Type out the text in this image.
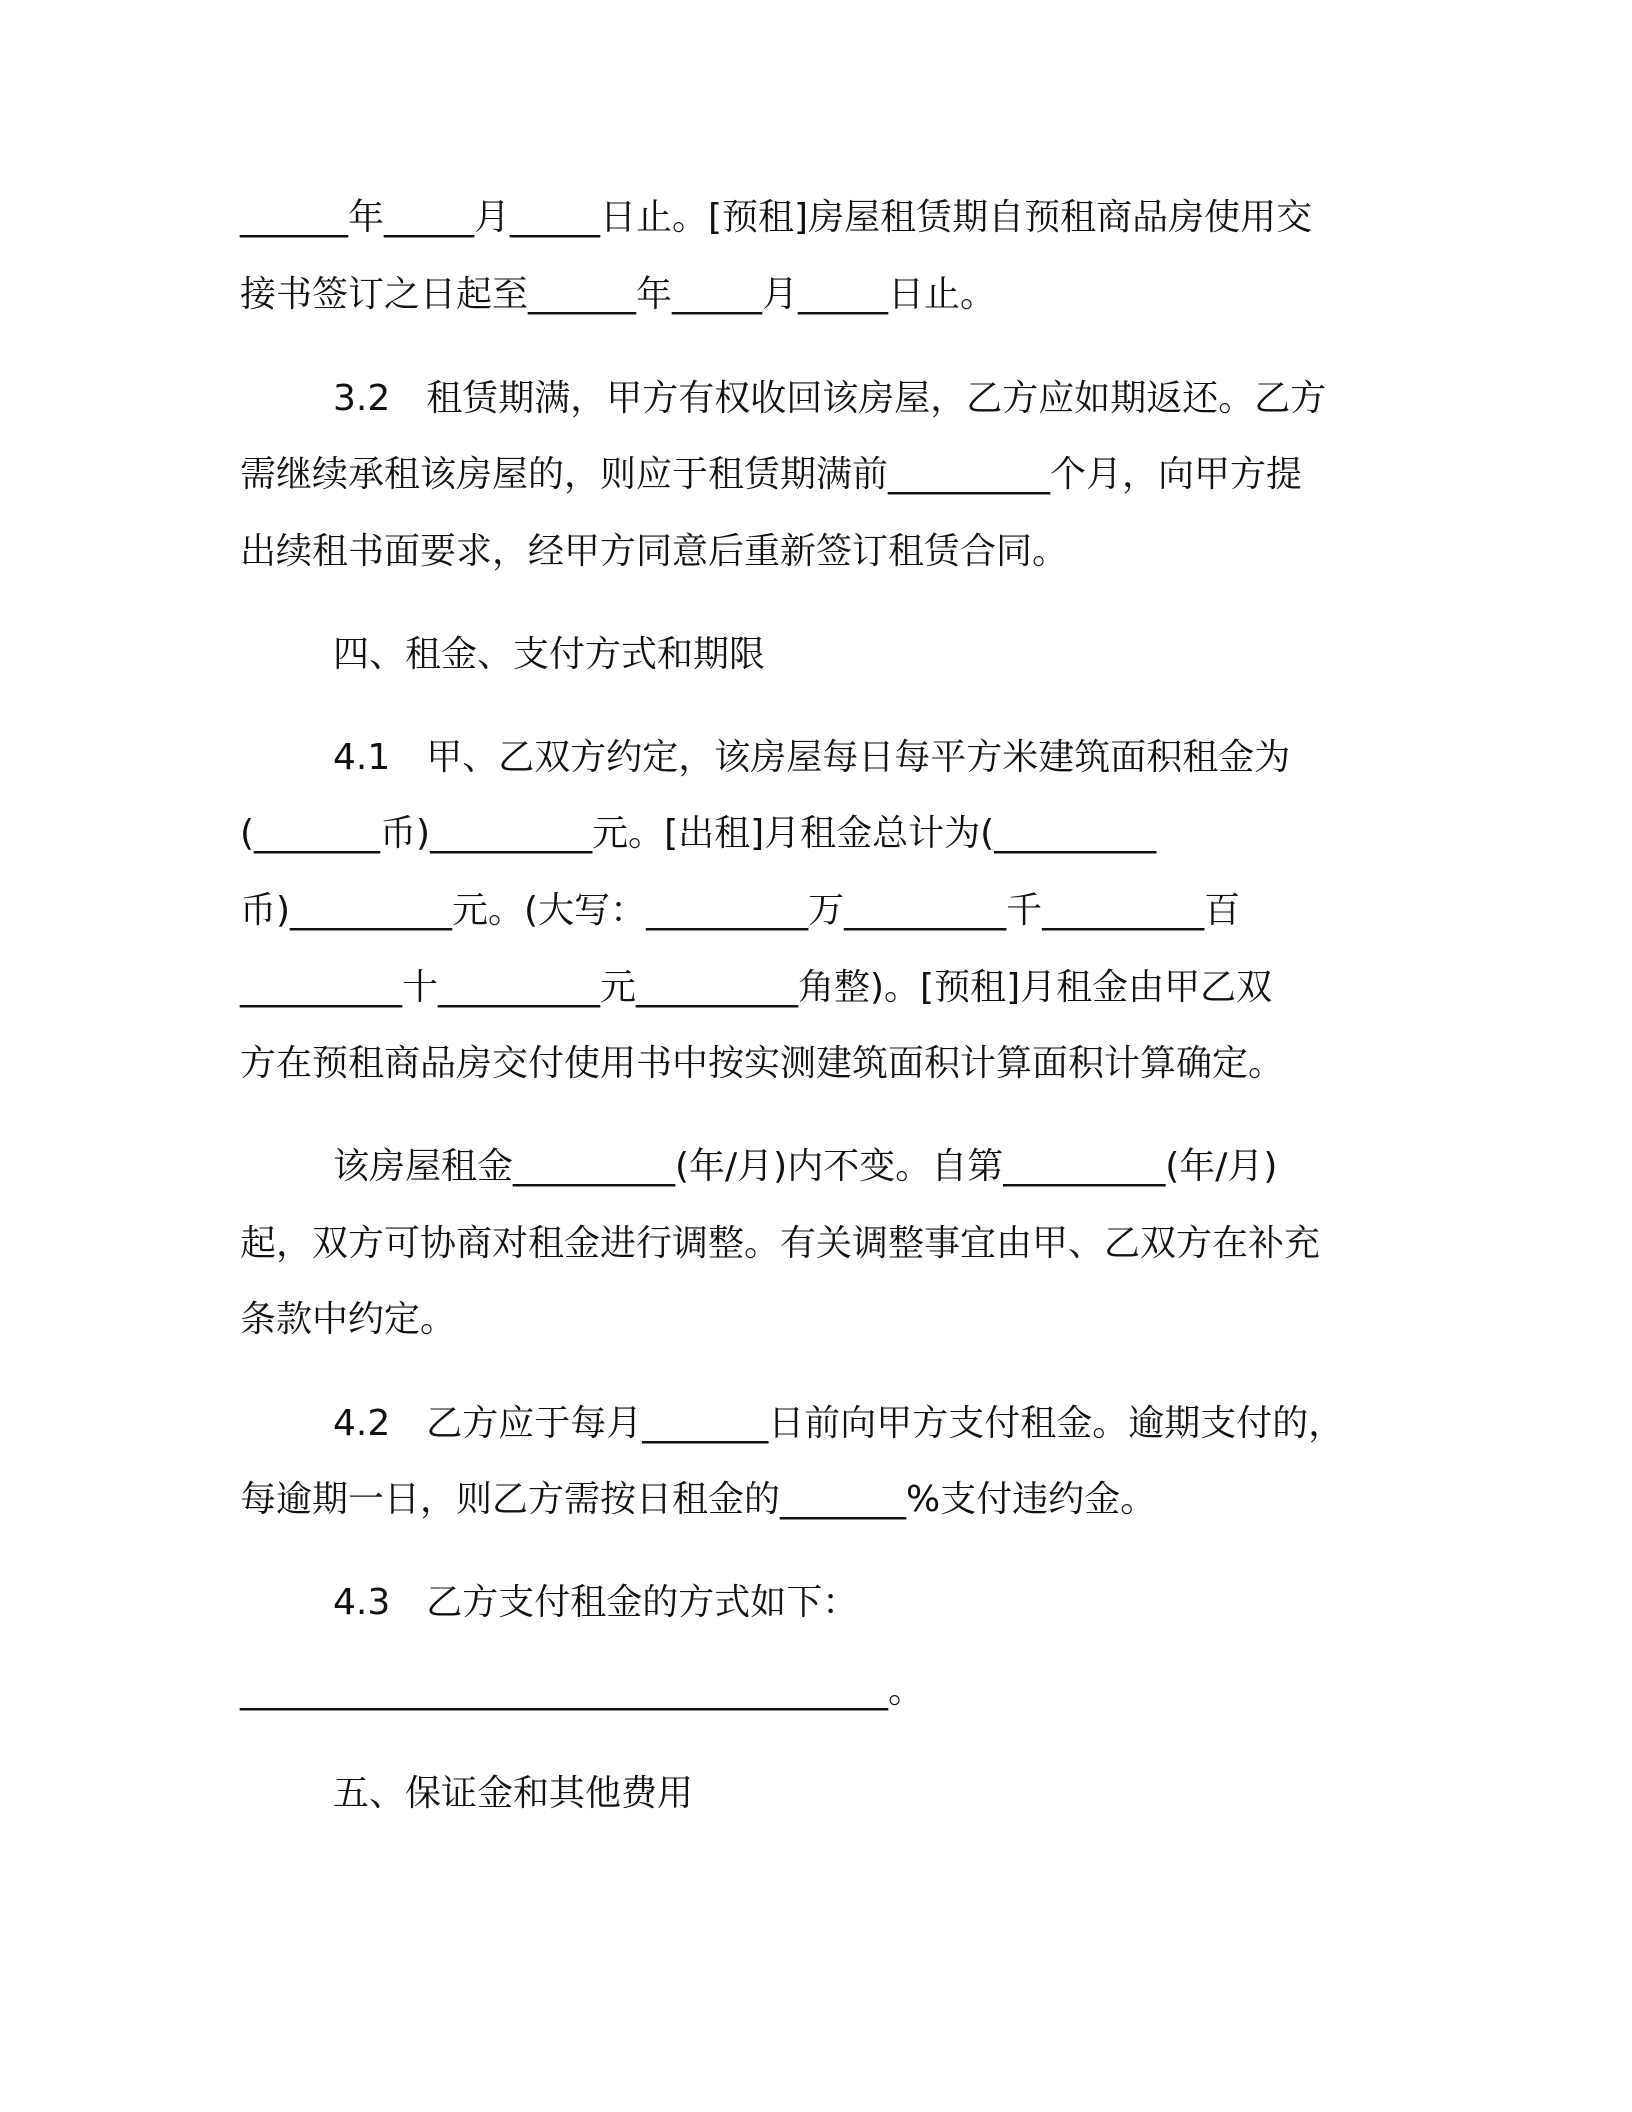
______年_____月_____日止。[预租]房屋租赁期自预租商品房使用交
接书签订之日起至______年_____月_____日止。
3.2　租赁期满，甲方有权收回该房屋，乙方应如期返还。乙方
需继续承租该房屋的，则应于租赁期满前_________个月，向甲方提
出续租书面要求，经甲方同意后重新签订租赁合同。
四、租金、支付方式和期限
4.1　甲、乙双方约定，该房屋每日每平方米建筑面积租金为
(_______币)_________元。[出租]月租金总计为(_________
币)_________元。(大写：_________万_________千_________百
_________十_________元_________角整)。[预租]月租金由甲乙双
方在预租商品房交付使用书中按实测建筑面积计算面积计算确定。
该房屋租金_________(年/月)内不变。自第_________(年/月)
起，双方可协商对租金进行调整。有关调整事宜由甲、乙双方在补充
条款中约定。
4.2　乙方应于每月_______日前向甲方支付租金。逾期支付的，
每逾期一日，则乙方需按日租金的_______%支付违约金。
4.3　乙方支付租金的方式如下：
____________________________________。
五、保证金和其他费用
